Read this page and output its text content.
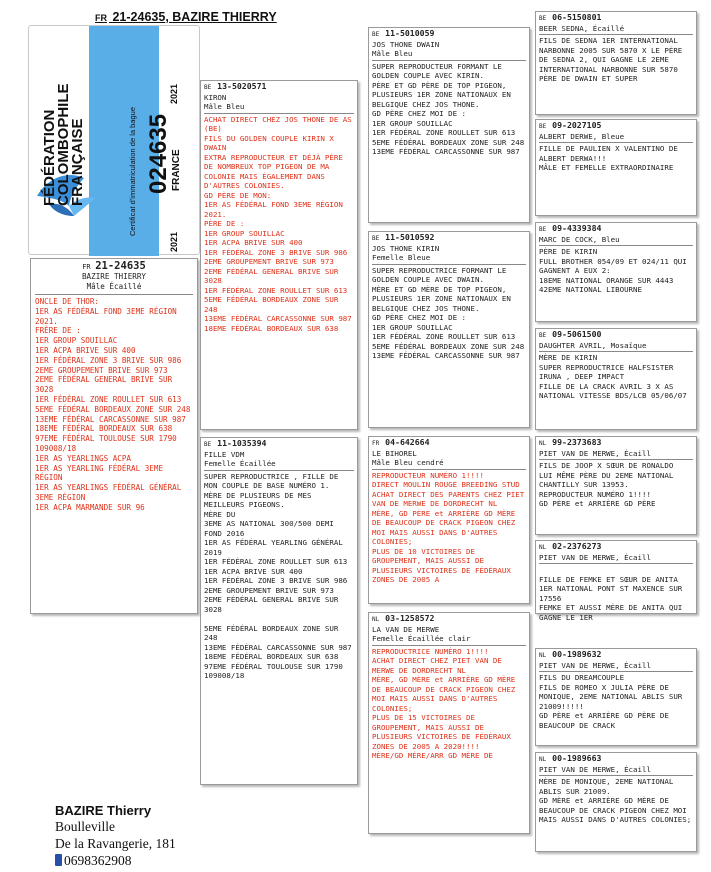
FR 21-24635, BAZIRE THIERRY
FÉDÉRATION
COLOMBOPHILE
FRANÇAISE	Certificat d'immatriculation de la bague 024635
2021
FRANCE
2021
FR 21-24635
BAZIRE THIERRY
Mâle Écaillé
ONCLE DE THOR:
1ER AS FÉDÉRAL FOND 3EME RÉGION 2021.
FRÈRE DE :
1ER GROUP SOUILLAC
1ER ACPA BRIVE SUR 400
1ER FÉDÉRAL ZONE 3 BRIVE SUR 986
2EME GROUPEMENT BRIVE SUR 973
2EME FÉDÉRAL GENERAL BRIVE SUR 3028
1ER FÉDÉRAL ZONE ROULLET SUR 613
5EME FÉDÉRAL BORDEAUX ZONE SUR 248
13EME FÉDÉRAL CARCASSONNE SUR 987
18EME FÉDÉRAL BORDEAUX SUR 638
97EME FÉDÉRAL TOULOUSE SUR 1790
109008/18
1ER AS YEARLINGS ACPA
1ER AS YEARLING FÉDÉRAL 3EME RÉGION
1ER AS YEARLINGS FÉDÉRAL GÉNÉRAL 3EME RÉGION
1ER ACPA MARMANDE SUR 96
BE 13-5020571
KIRON
Mâle Bleu
ACHAT DIRECT CHEZ JOS THONE DE AS (BE)
FILS DU GOLDEN COUPLE KIRIN X DWAIN
EXTRA REPRODUCTEUR ET DÉJÀ PÈRE DE NOMBREUX TOP PIGEON DE MA COLONIE MAIS ÉGALEMENT DANS D'AUTRES COLONIES.
GD PÈRE DE MON:
1ER AS FÉDÉRAL FOND 3EME RÉGION 2021.
PÈRE DE :
1ER GROUP SOUILLAC
1ER ACPA BRIVE SUR 400
1ER FÉDÉRAL ZONE 3 BRIVE SUR 986
2EME GROUPEMENT BRIVE SUR 973
2EME FÉDÉRAL GENERAL BRIVE SUR 3028
1ER FÉDÉRAL ZONE ROULLET SUR 613
5EME FÉDÉRAL BORDEAUX ZONE SUR 248
13EME FÉDÉRAL CARCASSONNE SUR 987
18EME FÉDÉRAL BORDEAUX SUR 638
BE 11-1035394
FILLE VDM
Femelle Écaillée
SUPER REPRODUCTRICE , FILLE DE MON COUPLE DE BASE NUMÉRO 1.
MÈRE DE PLUSIEURS DE MES MEILLEURS PIGEONS.
MÈRE DU
3EME AS NATIONAL 300/500 DEMI FOND 2016
1ER AS FÉDÉRAL YEARLING GÉNÉRAL 2019
1ER FÉDÉRAL ZONE ROULLET SUR 613
1ER ACPA BRIVE SUR 400
1ER FÉDÉRAL ZONE 3 BRIVE SUR 986
2EME GROUPEMENT BRIVE SUR 973
2EME FÉDÉRAL GENERAL BRIVE SUR 3028

5EME FÉDÉRAL BORDEAUX ZONE SUR 248
13EME FÉDÉRAL CARCASSONNE SUR 987
18EME FÉDÉRAL BORDEAUX SUR 638
97EME FÉDÉRAL TOULOUSE SUR 1790
109008/18
BE 11-5010059
JOS THONE DWAIN
Mâle Bleu
SUPER REPRODUCTEUR FORMANT LE GOLDEN COUPLE AVEC KIRIN.
PÈRE ET GD PÈRE DE TOP PIGEON, PLUSIEURS 1ER ZONE NATIONAUX EN BELGIQUE CHEZ JOS THONE.
GD PÈRE CHEZ MOI DE :
1ER GROUP SOUILLAC
1ER FÉDÉRAL ZONE ROULLET SUR 613
5EME FÉDÉRAL BORDEAUX ZONE SUR 248
13EME FÉDÉRAL CARCASSONNE SUR 987
BE 11-5010592
JOS THONE KIRIN
Femelle Bleue
SUPER REPRODUCTRICE FORMANT LE GOLDEN COUPLE AVEC DWAIN.
MÈRE ET GD MÈRE DE TOP PIGEON, PLUSIEURS 1ER ZONE NATIONAUX EN BELGIQUE CHEZ JOS THONE.
GD PÈRE CHEZ MOI DE :
1ER GROUP SOUILLAC
1ER FÉDÉRAL ZONE ROULLET SUR 613
5EME FÉDÉRAL BORDEAUX ZONE SUR 248
13EME FÉDÉRAL CARCASSONNE SUR 987
FR 04-642664
LE BIHOREL
Mâle Bleu cendré
REPRODUCTEUR NUMÉRO 1!!!!
DIRECT MOULIN ROUGE BREEDING STUD
ACHAT DIRECT DES PARENTS CHEZ PIET VAN DE MERWE DE DORDRECHT NL
MÈRE, GD PÈRE et ARRIÈRE GD MÈRE DE BEAUCOUP DE CRACK PIGEON CHEZ MOI MAIS AUSSI DANS D'AUTRES COLONIES;
PLUS DE 10 VICTOIRES DE GROUPEMENT, MAIS AUSSI DE PLUSIEURS VICTOIRES DE FÉDÉRAUX ZONES DE 2005 A
NL 03-1258572
LA VAN DE MERWE
Femelle Écaillée clair
REPRODUCTRICE NUMÉRO 1!!!!
ACHAT DIRECT CHEZ PIET VAN DE MERWE DE DORDRECHT NL
MÈRE, GD MÈRE et ARRIÈRE GD MÈRE DE BEAUCOUP DE CRACK PIGEON CHEZ MOI MAIS AUSSI DANS D'AUTRES COLONIES;
PLUS DE 15 VICTOIRES DE GROUPEMENT, MAIS AUSSI DE PLUSIEURS VICTOIRES DE FÉDÉRAUX ZONES DE 2005 A 2020!!!!
MÈRE/GD MÈRE/ARR GD MÈRE DE
BE 06-5150801
BEER SEDNA, Écaillé
FILS DE SEDNA 1ER INTERNATIONAL NARBONNE 2005 SUR 5870 X LE PÈRE DE SEDNA 2, QUI GAGNE LE 2EME INTERNATIONAL NARBONNE SUR 5870
PÈRE DE DWAIN ET SUPER
BE 09-2027105
ALBERT DERWE, Bleue
FILLE DE PAULIEN X VALENTINO DE ALBERT DERWA!!!
MÂLE ET FEMELLE EXTRAORDINAIRE
BE 09-4339384
MARC DE COCK, Bleu
PÈRE DE KIRIN
FULL BROTHER 054/09 ET 024/11 QUI GAGNENT A EUX 2:
18EME NATIONAL ORANGE SUR 4443
42EME NATIONAL LIBOURNE
BE 09-5061500
DAUGHTER AVRIL, Mosaïque
MÈRE DE KIRIN
SUPER REPRODUCTRICE HALFSISTER IRUNA , DEEP IMPACT
FILLE DE LA CRACK AVRIL 3 X AS NATIONAL VITESSE BDS/LCB 05/06/07
NL 99-2373683
PIET VAN DE MERWE, Écaill
FILS DE JOOP X SŒUR DE RONALDO
LUI MÊME PÈRE DU 2EME NATIONAL CHANTILLY SUR 13953.
REPRODUCTEUR NUMÉRO 1!!!!
GD PÈRE et ARRIÈRE GD PÈRE
NL 02-2376273
PIET VAN DE MERWE, Écaill

FILLE DE FEMKE ET SŒUR DE ANITA
1ER NATIONAL PONT ST MAXENCE SUR 17556
FEMKE ET AUSSI MÈRE DE ANITA QUI GAGNE LE 1ER
NL 00-1989632
PIET VAN DE MERWE, Écaill
FILS DU DREAMCOUPLE
FILS DE ROMEO X JULIA PÈRE DE MONIQUE, 2EME NATIONAL ABLIS SUR 21009!!!!!
GD PÈRE et ARRIÈRE GD PÈRE DE BEAUCOUP DE CRACK
NL 00-1989663
PIET VAN DE MERWE, Écaill
MÈRE DE MONIQUE, 2EME NATIONAL ABLIS SUR 21009.
GD MÈRE et ARRIÈRE GD MÈRE DE BEAUCOUP DE CRACK PIGEON CHEZ MOI MAIS AUSSI DANS D'AUTRES COLONIES;
BAZIRE Thierry
Boulleville
De la Ravangerie, 181
0698362908
